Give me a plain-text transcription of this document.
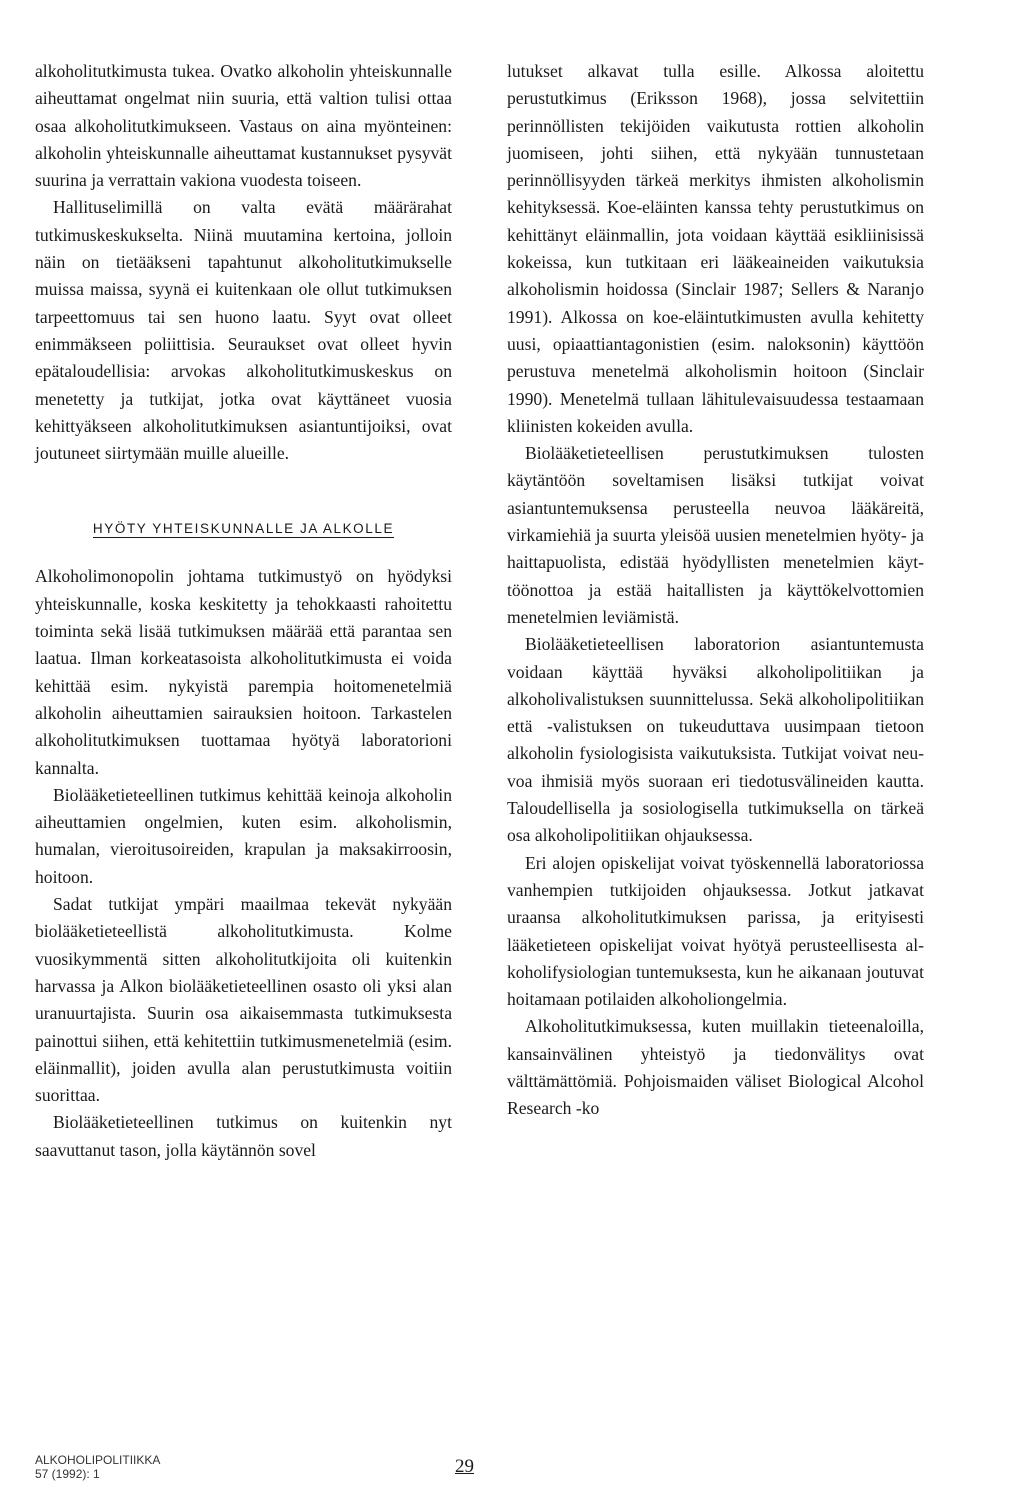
alkoholitutkimusta tukea. Ovatko alkoholin yhteiskunnalle aiheuttamat ongelmat niin suuria, että valtion tulisi ottaa osaa alkoholitutkimukseen. Vastaus on aina myönteinen: alkoholin yhteiskunnalle aiheuttamat kustannukset pysyvät suurina ja verrattain vakiona vuodesta toiseen.

Hallituselimillä on valta evätä määrärahat tutkimuskeskukselta. Niinä muutamina kertoina, jolloin näin on tietääkseni tapahtunut alkoholitutkimukselle muissa maissa, syynä ei kuitenkaan ole ollut tutkimuksen tarpeettomuus tai sen huono laatu. Syyt ovat olleet enimmäkseen poliittisia. Seuraukset ovat olleet hyvin epätaloudellisia: arvokas alkoholitutkimuskeskus on menetetty ja tutkijat, jotka ovat käyttäneet vuosia kehittyäkseen alkoholitutkimuksen asiantuntijoiksi, ovat joutuneet siirtymään muille alueille.

HYÖTY YHTEISKUNNALLE JA ALKOLLE

Alkoholimonopolin johtama tutkimustyö on hyödyksi yhteiskunnalle, koska keskitetty ja tehokkaasti rahoitettu toiminta sekä lisää tutkimuksen määrää että parantaa sen laatua. Ilman korkeatasoista alkoholitutkimusta ei voida kehittää esim. nykyistä parempia hoitomenetelmiä alkoholin aiheuttamien sairauksien hoitoon. Tarkastelen alkoholitutkimuksen tuottamaa hyötyä laboratorioni kannalta.

Biolääketieteellinen tutkimus kehittää keinoja alkoholin aiheuttamien ongelmien, kuten esim. alkoholismin, humalan, vieroitusoireiden, krapulan ja maksakirroosin, hoitoon.

Sadat tutkijat ympäri maailmaa tekevät nykyään biolääketieteellistä alkoholitutkimusta. Kolme vuosikymmentä sitten alkoholitutkijoita oli kuitenkin harvassa ja Alkon biolääketieteellinen osasto oli yksi alan uranuurtajista. Suurin osa aikaisemmasta tutkimuksesta painottui siihen, että kehitettiin tutkimusmenetelmiä (esim. eläinmallit), joiden avulla alan perustutkimusta voitiin suorittaa.

Biolääketieteellinen tutkimus on kuitenkin nyt saavuttanut tason, jolla käytännön sovel

lutukset alkavat tulla esille. Alkossa aloitettu perustutkimus (Eriksson 1968), jossa selvitettiin perinnöllisten tekijöiden vaikutusta rottien alkoholin juomiseen, johti siihen, että nykyään tunnustetaan perinnöllisyyden tärkeä merkitys ihmisten alkoholismin kehityksessä. Koe-eläinten kanssa tehty perustutkimus on kehittänyt eläinmallin, jota voidaan käyttää esikliinisissä kokeissa, kun tutkitaan eri lääkeaineiden vaikutuksia alkoholismin hoidossa (Sinclair 1987; Sellers & Naranjo 1991). Alkossa on koe-eläintutkimusten avulla kehitetty uusi, opiaattiantagonistien (esim. naloksonin) käyttöön perustuva menetelmä alkoholismin hoitoon (Sinclair 1990). Menetelmä tullaan lähitulevaisuudessa testaamaan kliinisten kokeiden avulla.

Biolääketieteellisen perustutkimuksen tulosten käytäntöön soveltamisen lisäksi tutkijat voivat asiantuntemuksensa perusteella neuvoa lääkäreitä, virkamiehiä ja suurta yleisöä uusien menetelmien hyöty- ja haittapuolista, edistää hyödyllisten menetelmien käyttöönottoa ja estää haitallisten ja käyttökelvottomien menetelmien leviämistä.

Biolääketieteellisen laboratorion asiantuntemusta voidaan käyttää hyväksi alkoholipolitiikan ja alkoholivalistuksen suunnittelussa. Sekä alkoholipolitiikan että -valistuksen on tukeuduttava uusimpaan tietoon alkoholin fysiologisista vaikutuksista. Tutkijat voivat neuvoa ihmisiä myös suoraan eri tiedotusvälineiden kautta. Taloudellisella ja sosiologisella tutkimuksella on tärkeä osa alkoholipolitiikan ohjauksessa.

Eri alojen opiskelijat voivat työskennellä laboratoriossa vanhempien tutkijoiden ohjauksessa. Jotkut jatkavat uraansa alkoholitutkimuksen parissa, ja erityisesti lääketieteen opiskelijat voivat hyötyä perusteellisesta alkoholifysiologian tuntemuksesta, kun he aikanaan joutuvat hoitamaan potilaiden alkoholiongelmia.

Alkoholitutkimuksessa, kuten muillakin tieteenaloilla, kansainvälinen yhteistyö ja tiedonvälitys ovat välttämättömiä. Pohjoismaiden väliset Biological Alcohol Research -ko

ALKOHOLIPOLITIIKKA
57 (1992): 1	29
